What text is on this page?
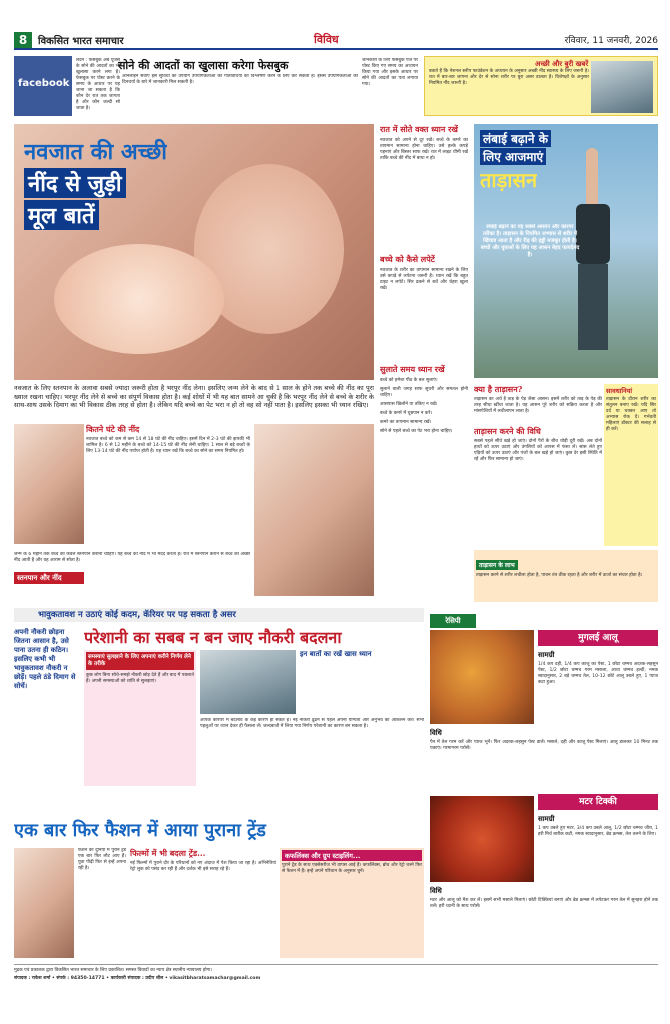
8	विकसित भारत समाचार	विविध	रविवार, 11 जनवरी, 2026
facebook
सोने की आदतों का खुलासा करेगा फेसबुक
लंदन : फेसबुक अब यूजर्स के सोने की आदतों का भी खुलासा करने लगा है। फेसबुक पर पोस्ट करने के समय के आधार पर यह जाना जा सकता है कि कौन देर रात तक जागता है और कौन जल्दी सो जाता है।
ऑनलाइन सेवाएं इस सुविधा का उपयोग उपयोगकर्ताओं की गतिविधियों का विश्लेषण करने के लिए कर सकती हैं। इससे उपयोगकर्ताओं की दिनचर्या के बारे में जानकारी मिल सकती है।
जानकारी के लिए फेसबुक पेज पर पोस्ट किए गए समय का अध्ययन किया गया और इसके आधार पर सोने की आदतों का पता लगाया गया।
अच्छी और बुरी खबरें
बताते हैं कि नेशनल स्लीप फाउंडेशन के अध्ययन के अनुसार अच्छी नींद स्वास्थ्य के लिए जरूरी है। रात में बार-बार जागना और देर से सोना शरीर पर बुरा असर डालता है। विशेषज्ञों के अनुसार नियमित नींद जरूरी है।
नवजात की अच्छी
नींद से जुड़ी
मूल बातें
नवजात के लिए स्तनपान के अलावा सबसे ज्यादा जरूरी होता है भरपूर नींद लेना। इसलिए जन्म लेने के बाद से 1 साल के होने तक बच्चे की नींद का पूरा ख्याल रखना चाहिए। भरपूर नींद लेने से बच्चे का संपूर्ण विकास होता है। कई शोधों में भी यह बात सामने आ चुकी है कि भरपूर नींद लेने से बच्चे के शरीर के साथ-साथ उसके दिमाग का भी विकास ठीक तरह से होता है। लेकिन यदि बच्चे का पेट भरा न हो तो वह सो नहीं पाता है। इसलिए इसका भी ध्यान रखिए।
कितने घंटे की नींद
नवजात बच्चे को कम से कम 14 से 18 घंटे की नींद चाहिए। इसमें दिन में 2-3 घंटे की झपकी भी शामिल है। 6 से 12 महीने के बच्चे को 14-15 घंटे की नींद लेनी चाहिए। 1 साल से बड़े बच्चों के लिए 13-14 घंटे की नींद पर्याप्त होती है। यह ध्यान रखें कि बच्चे का सोने का समय नियमित हो।
स्तनपान और नींद
जन्म के 6 महीने तक बच्चे को केवल स्तनपान कराना चाहिए। यह बच्चे की नींद में भी मदद करता है। रात में स्तनपान कराने से बच्चे को अच्छी नींद आती है और वह आराम से सोता है।
रात में सोते वक्त ध्यान रखें
नवजात को अपने से दूर रखें। बच्चे के कमरे का तापमान सामान्य होना चाहिए। उसे हल्के कपड़े पहनाएं और बिस्तर साफ रखें। रात में लाइट धीमी रखें ताकि बच्चे की नींद में बाधा न हो।
बच्चे को कैसे लपेटें
नवजात के शरीर का तापमान सामान्य रखने के लिए उसे कपड़े से लपेटना जरूरी है। ध्यान रखें कि बहुत टाइट न लपेटें। सिर ढकने से बचें और चेहरा खुला रखें।
सुलाते समय ध्यान रखें
बच्चे को हमेशा पीठ के बल सुलाएं।
सुलाने वाली जगह साफ सुथरी और समतल होनी चाहिए।
आसपास खिलौने या तकिए न रखें।
बच्चे के कमरे में धूम्रपान न करें।
कमरे का तापमान सामान्य रखें।
सोने से पहले बच्चे का पेट भरा होना चाहिए।
लंबाई बढ़ाने के
लिए आजमाएं
ताड़ासन
लंबाई बढ़ाने का यह सबसे आसान और कारगर तरीका है। ताड़ासन के नियमित अभ्यास से शरीर में खिंचाव आता है और रीढ़ की हड्डी मजबूत होती है। बच्चों और युवाओं के लिए यह आसन बेहद फायदेमंद है।
क्या है ताड़ासन?
ताड़ासन का अर्थ है ताड़ के पेड़ जैसा आसन। इसमें शरीर को ताड़ के पेड़ की तरह सीधा खींचा जाता है। यह आसन पूरे शरीर को सक्रिय करता है और मांसपेशियों में लचीलापन लाता है।
ताड़ासन करने की विधि
सबसे पहले सीधे खड़े हो जाएं। दोनों पैरों के बीच थोड़ी दूरी रखें। अब दोनों हाथों को ऊपर उठाएं और उंगलियों को आपस में फंसा लें। सांस लेते हुए एड़ियों को ऊपर उठाएं और पंजों के बल खड़े हो जाएं। कुछ देर इसी स्थिति में रहें और फिर सामान्य हो जाएं।
सावधानियां
ताड़ासन के दौरान शरीर का संतुलन बनाए रखें। यदि सिर दर्द या चक्कर आए तो अभ्यास रोक दें। गर्भवती महिलाएं डॉक्टर की सलाह से ही करें।
ताड़ासन के लाभ
ताड़ासन करने से शरीर लचीला होता है, पाचन तंत्र ठीक रहता है और शरीर में ऊर्जा का संचार होता है।
भावुकतावश न उठाएं कोई कदम, कॅरियर पर पड़ सकता है असर
अपनी नौकरी छोड़ना जितना आसान है, उसे पाना उतना ही कठिन। इसलिए कभी भी भावुकतावश नौकरी न छोड़ें। पहले ठंडे दिमाग से सोचें।
परेशानी का सबब न बन जाए नौकरी बदलना
समस्याएं सुलझाने के लिए अपनाएं करीने निर्णय लेने के तरीके
कुछ लोग बिना सोचे-समझे नौकरी छोड़ देते हैं और बाद में पछताते हैं। अपनी समस्याओं को शांति से सुलझाएं।
इन बातों का रखें खास ध्यान
आपके कॅरियर में बदलाव के कई कारण हो सकते हैं। नई नौकरी ढूंढने से पहले अपनी योग्यता और अनुभव का आकलन करें। सभी पहलुओं पर ध्यान देकर ही फैसला लें। जल्दबाजी में लिया गया निर्णय परेशानी का कारण बन सकता है।
रेसिपी
मुगलई आलू
सामग्री
1/4 कप दही, 1/4 कप काजू का पेस्ट, 1 छोटा चम्मच अदरक-लहसुन पेस्ट, 1/2 छोटा चम्मच गरम मसाला, आधा चम्मच हल्दी, नमक स्वादानुसार, 2 बड़े चम्मच तेल, 10-12 छोटे आलू उबले हुए, 1 प्याज कटा हुआ।
विधि
पैन में तेल गरम करें और प्याज भूनें। फिर अदरक-लहसुन पेस्ट डालें। मसाले, दही और काजू पेस्ट मिलाएं। आलू डालकर 10 मिनट तक पकाएं। गरमागरम परोसें।
मटर टिक्की
सामग्री
1 कप उबले हुए मटर, 3/4 कप उबले आलू, 1/2 छोटा चम्मच जीरा, 1 हरी मिर्च बारीक कटी, नमक स्वादानुसार, ब्रेड क्रम्ब्स, तेल तलने के लिए।
विधि
मटर और आलू को मैश कर लें। इसमें सभी मसाले मिलाएं। छोटी टिक्कियां बनाएं और ब्रेड क्रम्ब्स में लपेटकर गरम तेल में सुनहरा होने तक तलें। हरी चटनी के साथ परोसें।
एक बार फिर फैशन में आया पुराना ट्रेंड
फैशन की दुनिया में पुराने ट्रेंड एक बार फिर लौट आए हैं। युवा पीढ़ी फिर से इन्हें अपना रही है।
फिल्मों में भी बदला ट्रेंड...
नई फिल्मों में पुराने दौर के परिधानों को नए अंदाज में पेश किया जा रहा है। अभिनेत्रियां रेट्रो लुक को पसंद कर रही हैं और दर्शक भी इसे सराह रहे हैं।
कफलिंक्स और ग्रुप स्टाइलिंग...
पुराने ट्रेंड के साथ एक्सेसरीज भी वापस आई हैं। कफलिंक्स, ब्रोच और रेट्रो चश्मे फिर से फैशन में हैं। इन्हें अपने परिधान के अनुसार चुनें।
मुद्रक एवं प्रकाशक द्वारा विकसित भारत समाचार के लिए प्रकाशित। समस्त विवादों का न्याय क्षेत्र स्थानीय न्यायालय होगा।
संपादक : राकेश शर्मा • संपर्क : 94350-14771 • कार्यकारी संपादक : प्रदीप शील • vikasitbharatsamachar@gmail.com
